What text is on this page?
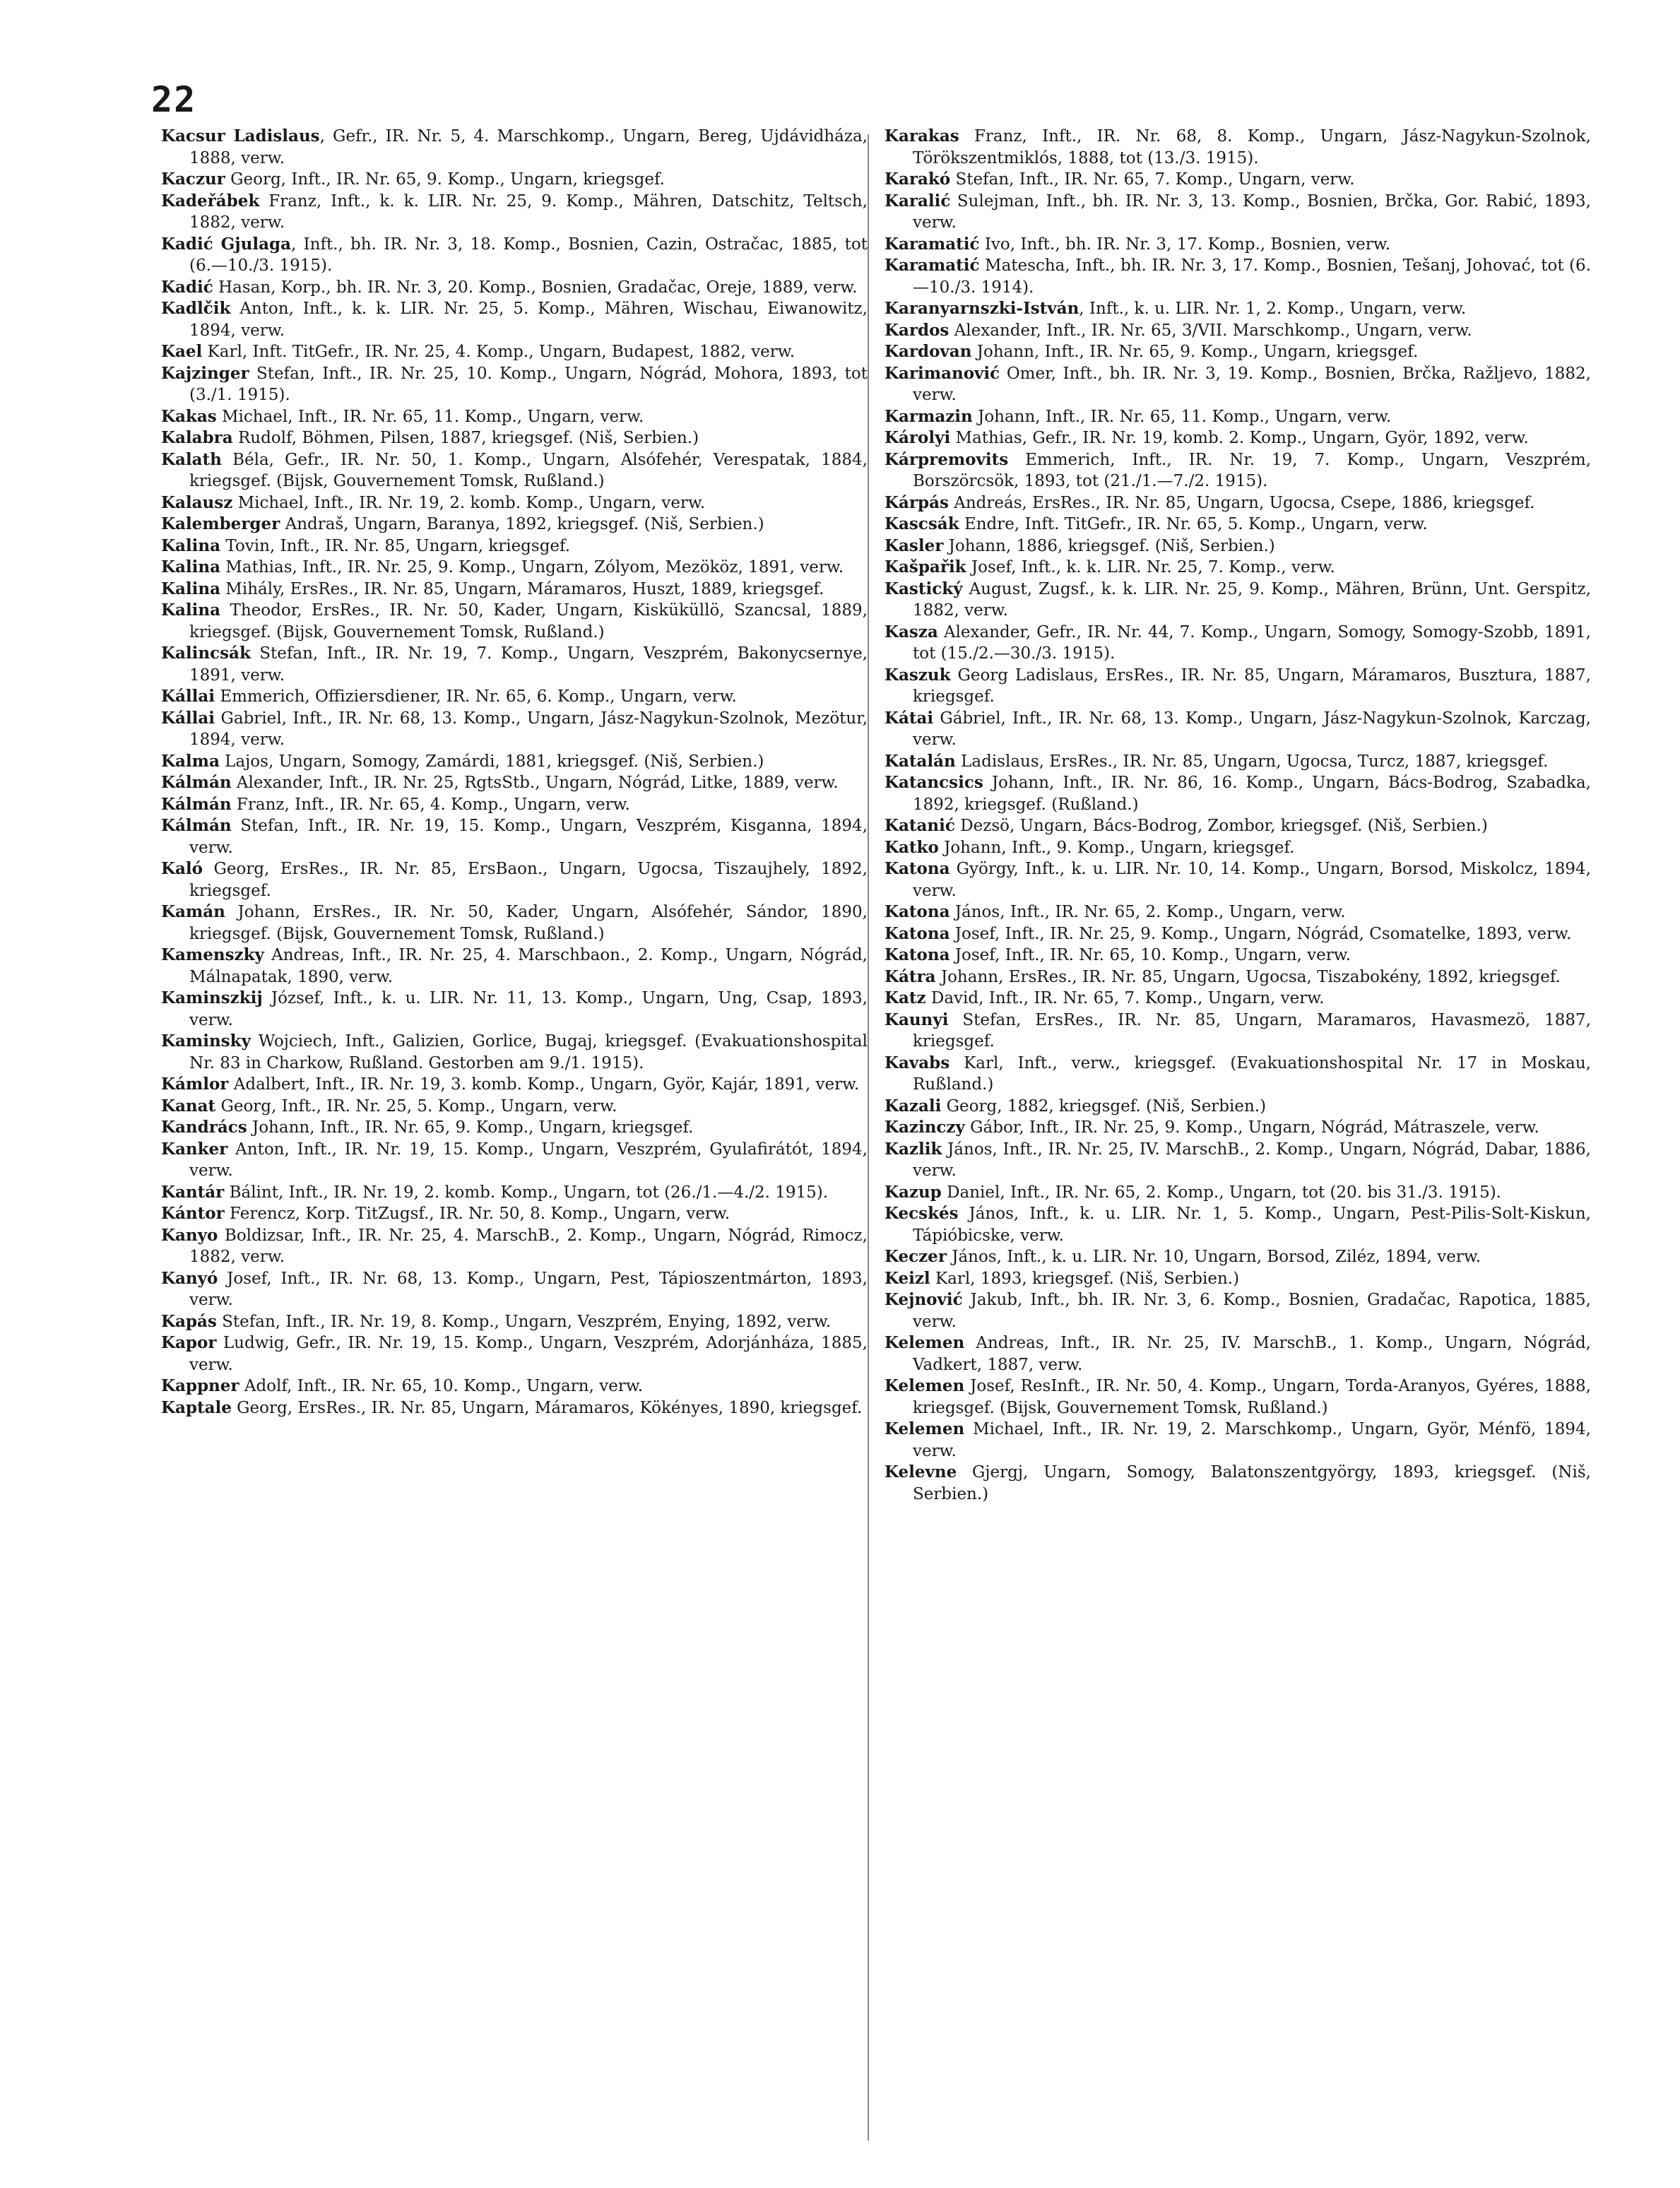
22

Kacsur Ladislaus, Gefr., IR. Nr. 5, 4. Marschkomp., Ungarn, Bereg, Ujdávidháza, 1888, verw.

Kaczur Georg, Inft., IR. Nr. 65, 9. Komp., Ungarn, kriegsgef.

Kadeřábek Franz, Inft., k. k. LIR. Nr. 25, 9. Komp., Mähren, Datschitz, Teltsch, 1882, verw.

Kadić Gjulaga, Inft., bh. IR. Nr. 3, 18. Komp., Bosnien, Cazin, Ostračac, 1885, tot (6.—10./3. 1915).

Kadić Hasan, Korp., bh. IR. Nr. 3, 20. Komp., Bosnien, Gradačac, Oreje, 1889, verw.

Kadlčik Anton, Inft., k. k. LIR. Nr. 25, 5. Komp., Mähren, Wischau, Eiwanowitz, 1894, verw.

Kael Karl, Inft. TitGefr., IR. Nr. 25, 4. Komp., Ungarn, Budapest, 1882, verw.

Kajzinger Stefan, Inft., IR. Nr. 25, 10. Komp., Ungarn, Nógrád, Mohora, 1893, tot (3./1. 1915).

Kakas Michael, Inft., IR. Nr. 65, 11. Komp., Ungarn, verw.

Kalabra Rudolf, Böhmen, Pilsen, 1887, kriegsgef. (Niš, Serbien.)

Kalath Béla, Gefr., IR. Nr. 50, 1. Komp., Ungarn, Alsófehér, Verespatak, 1884, kriegsgef. (Bijsk, Gouvernement Tomsk, Rußland.)

Kalausz Michael, Inft., IR. Nr. 19, 2. komb. Komp., Ungarn, verw.

Kalemberger Andraš, Ungarn, Baranya, 1892, kriegsgef. (Niš, Serbien.)

Kalina Tovin, Inft., IR. Nr. 85, Ungarn, kriegsgef.

Kalina Mathias, Inft., IR. Nr. 25, 9. Komp., Ungarn, Zólyom, Mezököz, 1891, verw.

Kalina Mihály, ErsRes., IR. Nr. 85, Ungarn, Máramaros, Huszt, 1889, kriegsgef.

Kalina Theodor, ErsRes., IR. Nr. 50, Kader, Ungarn, Kisküküllö, Szancsal, 1889, kriegsgef. (Bijsk, Gouvernement Tomsk, Rußland.)

Kalincsák Stefan, Inft., IR. Nr. 19, 7. Komp., Ungarn, Veszprém, Bakonycsernye, 1891, verw.

Kállai Emmerich, Offiziersdiener, IR. Nr. 65, 6. Komp., Ungarn, verw.

Kállai Gabriel, Inft., IR. Nr. 68, 13. Komp., Ungarn, Jász-Nagykun-Szolnok, Mezötur, 1894, verw.

Kalma Lajos, Ungarn, Somogy, Zamárdi, 1881, kriegsgef. (Niš, Serbien.)

Kálmán Alexander, Inft., IR. Nr. 25, RgtsStb., Ungarn, Nógrád, Litke, 1889, verw.

Kálmán Franz, Inft., IR. Nr. 65, 4. Komp., Ungarn, verw.

Kálmán Stefan, Inft., IR. Nr. 19, 15. Komp., Ungarn, Veszprém, Kisganna, 1894, verw.

Kaló Georg, ErsRes., IR. Nr. 85, ErsBaon., Ungarn, Ugocsa, Tiszaujhely, 1892, kriegsgef.

Kamán Johann, ErsRes., IR. Nr. 50, Kader, Ungarn, Alsófehér, Sándor, 1890, kriegsgef. (Bijsk, Gouvernement Tomsk, Rußland.)

Kamenszky Andreas, Inft., IR. Nr. 25, 4. Marschbaon., 2. Komp., Ungarn, Nógrád, Málnapatak, 1890, verw.

Kaminszkij József, Inft., k. u. LIR. Nr. 11, 13. Komp., Ungarn, Ung, Csap, 1893, verw.

Kaminsky Wojciech, Inft., Galizien, Gorlice, Bugaj, kriegsgef. (Evakuationshospital Nr. 83 in Charkow, Rußland. Gestorben am 9./1. 1915).

Kámlor Adalbert, Inft., IR. Nr. 19, 3. komb. Komp., Ungarn, Györ, Kajár, 1891, verw.

Kanat Georg, Inft., IR. Nr. 25, 5. Komp., Ungarn, verw.

Kandrács Johann, Inft., IR. Nr. 65, 9. Komp., Ungarn, kriegsgef.

Kanker Anton, Inft., IR. Nr. 19, 15. Komp., Ungarn, Veszprém, Gyulafirátót, 1894, verw.

Kantár Bálint, Inft., IR. Nr. 19, 2. komb. Komp., Ungarn, tot (26./1.—4./2. 1915).

Kántor Ferencz, Korp. TitZugsf., IR. Nr. 50, 8. Komp., Ungarn, verw.

Kanyo Boldizsar, Inft., IR. Nr. 25, 4. MarschB., 2. Komp., Ungarn, Nógrád, Rimocz, 1882, verw.

Kanyó Josef, Inft., IR. Nr. 68, 13. Komp., Ungarn, Pest, Tápioszentmárton, 1893, verw.

Kapás Stefan, Inft., IR. Nr. 19, 8. Komp., Ungarn, Veszprém, Enying, 1892, verw.

Kapor Ludwig, Gefr., IR. Nr. 19, 15. Komp., Ungarn, Veszprém, Adorjánháza, 1885, verw.

Kappner Adolf, Inft., IR. Nr. 65, 10. Komp., Ungarn, verw.

Kaptale Georg, ErsRes., IR. Nr. 85, Ungarn, Máramaros, Kökényes, 1890, kriegsgef.

Karakas Franz, Inft., IR. Nr. 68, 8. Komp., Ungarn, Jász-Nagykun-Szolnok, Törökszentmiklós, 1888, tot (13./3. 1915).

Karakó Stefan, Inft., IR. Nr. 65, 7. Komp., Ungarn, verw.

Karalić Sulejman, Inft., bh. IR. Nr. 3, 13. Komp., Bosnien, Brčka, Gor. Rabić, 1893, verw.

Karamatić Ivo, Inft., bh. IR. Nr. 3, 17. Komp., Bosnien, verw.

Karamatić Matescha, Inft., bh. IR. Nr. 3, 17. Komp., Bosnien, Tešanj, Johovać, tot (6.—10./3. 1914).

Karanyarnszki-István, Inft., k. u. LIR. Nr. 1, 2. Komp., Ungarn, verw.

Kardos Alexander, Inft., IR. Nr. 65, 3/VII. Marschkomp., Ungarn, verw.

Kardovan Johann, Inft., IR. Nr. 65, 9. Komp., Ungarn, kriegsgef.

Karimanović Omer, Inft., bh. IR. Nr. 3, 19. Komp., Bosnien, Brčka, Ražljevo, 1882, verw.

Karmazin Johann, Inft., IR. Nr. 65, 11. Komp., Ungarn, verw.

Károlyi Mathias, Gefr., IR. Nr. 19, komb. 2. Komp., Ungarn, Györ, 1892, verw.

Kárpremovits Emmerich, Inft., IR. Nr. 19, 7. Komp., Ungarn, Veszprém, Borszörcsök, 1893, tot (21./1.—7./2. 1915).

Kárpás Andreás, ErsRes., IR. Nr. 85, Ungarn, Ugocsa, Csepe, 1886, kriegsgef.

Kascsák Endre, Inft. TitGefr., IR. Nr. 65, 5. Komp., Ungarn, verw.

Kasler Johann, 1886, kriegsgef. (Niš, Serbien.)

Kašpařik Josef, Inft., k. k. LIR. Nr. 25, 7. Komp., verw.

Kastický August, Zugsf., k. k. LIR. Nr. 25, 9. Komp., Mähren, Brünn, Unt. Gerspitz, 1882, verw.

Kasza Alexander, Gefr., IR. Nr. 44, 7. Komp., Ungarn, Somogy, Somogy-Szobb, 1891, tot (15./2.—30./3. 1915).

Kaszuk Georg Ladislaus, ErsRes., IR. Nr. 85, Ungarn, Máramaros, Busztura, 1887, kriegsgef.

Kátai Gábriel, Inft., IR. Nr. 68, 13. Komp., Ungarn, Jász-Nagykun-Szolnok, Karczag, verw.

Katalán Ladislaus, ErsRes., IR. Nr. 85, Ungarn, Ugocsa, Turcz, 1887, kriegsgef.

Katancsics Johann, Inft., IR. Nr. 86, 16. Komp., Ungarn, Bács-Bodrog, Szabadka, 1892, kriegsgef. (Rußland.)

Katanić Dezsö, Ungarn, Bács-Bodrog, Zombor, kriegsgef. (Niš, Serbien.)

Katko Johann, Inft., 9. Komp., Ungarn, kriegsgef.

Katona György, Inft., k. u. LIR. Nr. 10, 14. Komp., Ungarn, Borsod, Miskolcz, 1894, verw.

Katona János, Inft., IR. Nr. 65, 2. Komp., Ungarn, verw.

Katona Josef, Inft., IR. Nr. 25, 9. Komp., Ungarn, Nógrád, Csomatelke, 1893, verw.

Katona Josef, Inft., IR. Nr. 65, 10. Komp., Ungarn, verw.

Kátra Johann, ErsRes., IR. Nr. 85, Ungarn, Ugocsa, Tiszabokény, 1892, kriegsgef.

Katz David, Inft., IR. Nr. 65, 7. Komp., Ungarn, verw.

Kaunyi Stefan, ErsRes., IR. Nr. 85, Ungarn, Maramaros, Havasmezö, 1887, kriegsgef.

Kavabs Karl, Inft., verw., kriegsgef. (Evakuationshospital Nr. 17 in Moskau, Rußland.)

Kazali Georg, 1882, kriegsgef. (Niš, Serbien.)

Kazinczy Gábor, Inft., IR. Nr. 25, 9. Komp., Ungarn, Nógrád, Mátraszele, verw.

Kazlik János, Inft., IR. Nr. 25, IV. MarschB., 2. Komp., Ungarn, Nógrád, Dabar, 1886, verw.

Kazup Daniel, Inft., IR. Nr. 65, 2. Komp., Ungarn, tot (20. bis 31./3. 1915).

Kecskés János, Inft., k. u. LIR. Nr. 1, 5. Komp., Ungarn, Pest-Pilis-Solt-Kiskun, Tápióbicske, verw.

Keczer János, Inft., k. u. LIR. Nr. 10, Ungarn, Borsod, Ziléz, 1894, verw.

Keizl Karl, 1893, kriegsgef. (Niš, Serbien.)

Kejnović Jakub, Inft., bh. IR. Nr. 3, 6. Komp., Bosnien, Gradačac, Rapotica, 1885, verw.

Kelemen Andreas, Inft., IR. Nr. 25, IV. MarschB., 1. Komp., Ungarn, Nógrád, Vadkert, 1887, verw.

Kelemen Josef, ResInft., IR. Nr. 50, 4. Komp., Ungarn, Torda-Aranyos, Gyéres, 1888, kriegsgef. (Bijsk, Gouvernement Tomsk, Rußland.)

Kelemen Michael, Inft., IR. Nr. 19, 2. Marschkomp., Ungarn, Györ, Ménfö, 1894, verw.

Kelevne Gjergj, Ungarn, Somogy, Balatonszentgyörgy, 1893, kriegsgef. (Niš, Serbien.)
